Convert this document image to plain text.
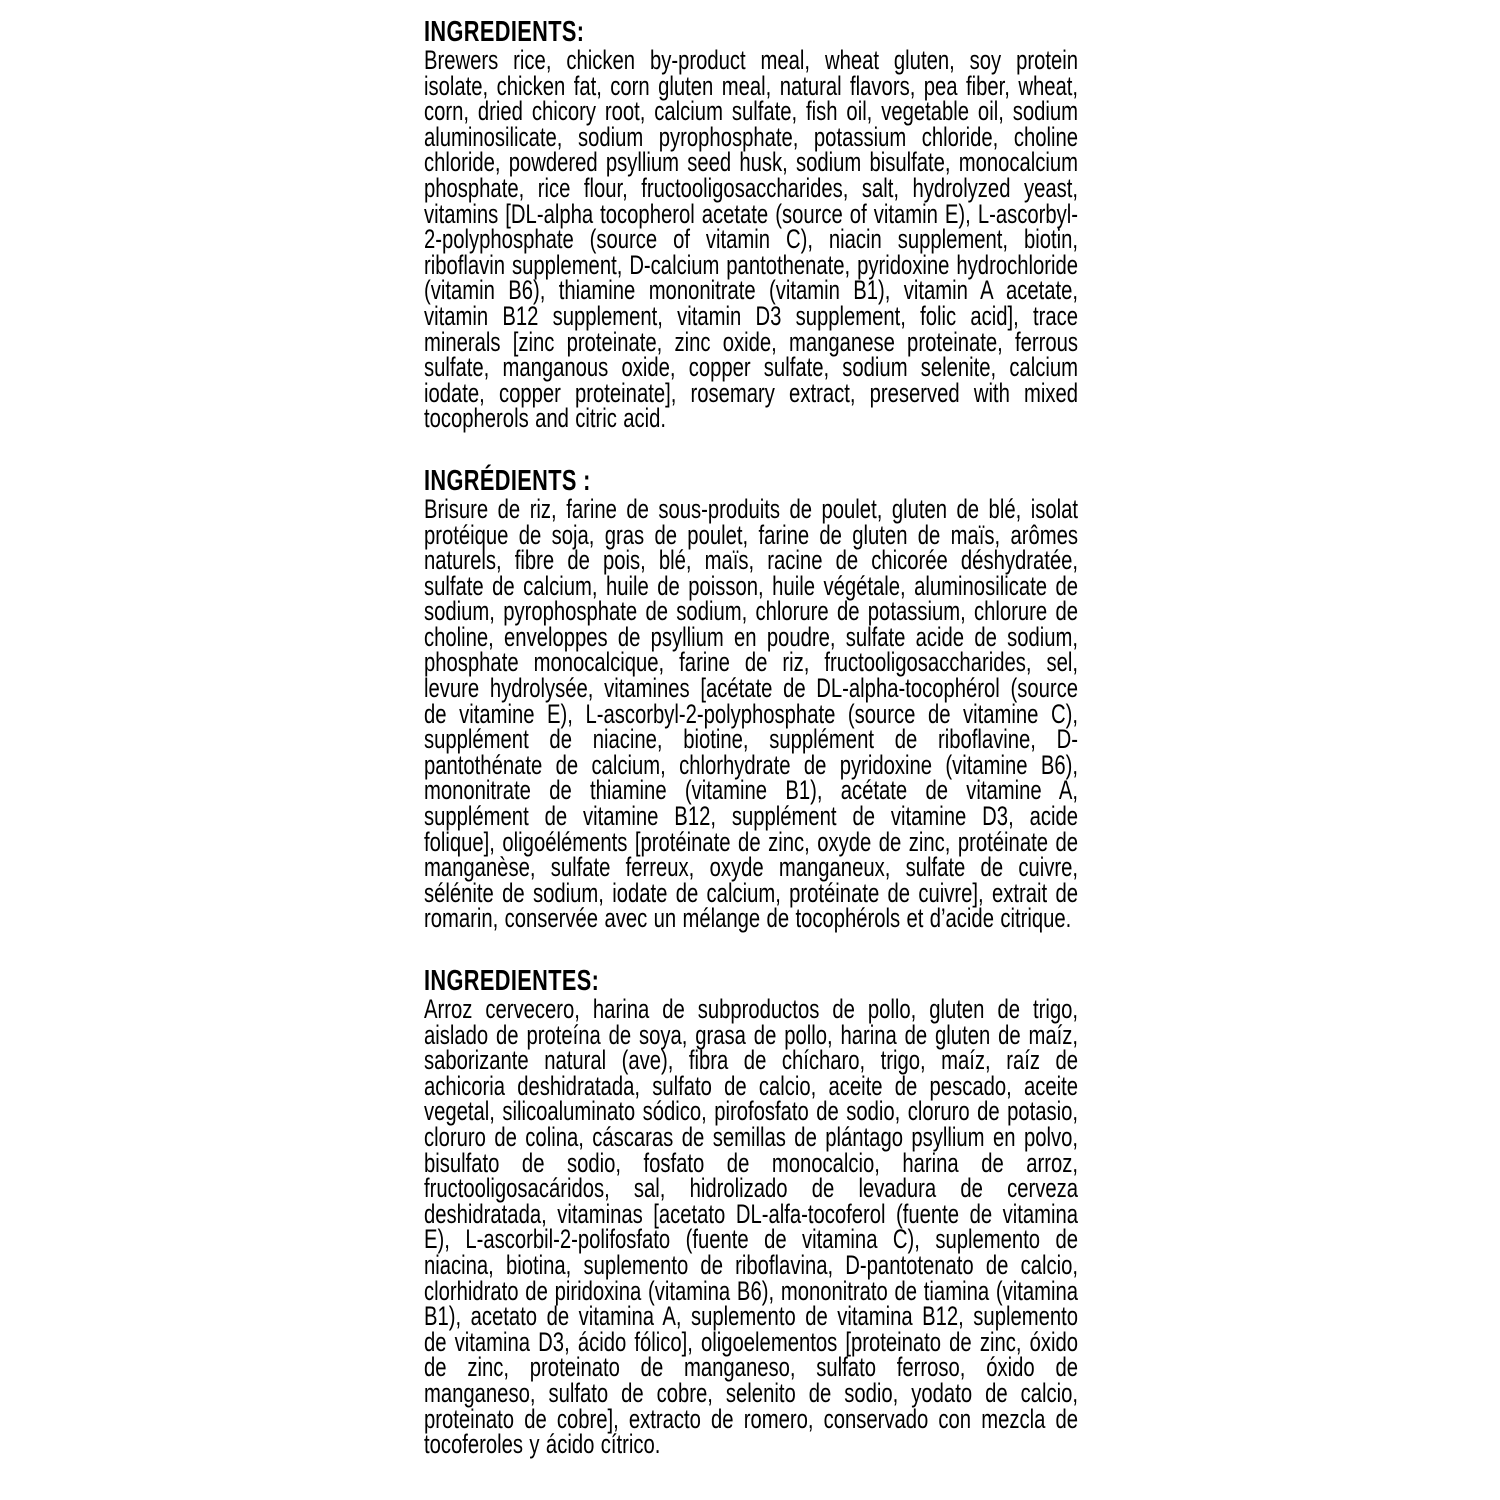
INGREDIENTS:
Brewers rice, chicken by-product meal, wheat gluten, soy protein isolate, chicken fat, corn gluten meal, natural flavors, pea fiber, wheat, corn, dried chicory root, calcium sulfate, fish oil, vegetable oil, sodium aluminosilicate, sodium pyrophosphate, potassium chloride, choline chloride, powdered psyllium seed husk, sodium bisulfate, monocalcium phosphate, rice flour, fructooligosaccharides, salt, hydrolyzed yeast, vitamins [DL-alpha tocopherol acetate (source of vitamin E), L-ascorbyl-2-polyphosphate (source of vitamin C), niacin supplement, biotin, riboflavin supplement, D-calcium pantothenate, pyridoxine hydrochloride (vitamin B6), thiamine mononitrate (vitamin B1), vitamin A acetate, vitamin B12 supplement, vitamin D3 supplement, folic acid], trace minerals [zinc proteinate, zinc oxide, manganese proteinate, ferrous sulfate, manganous oxide, copper sulfate, sodium selenite, calcium iodate, copper proteinate], rosemary extract, preserved with mixed tocopherols and citric acid.
INGRÉDIENTS :
Brisure de riz, farine de sous-produits de poulet, gluten de blé, isolat protéique de soja, gras de poulet, farine de gluten de maïs, arômes naturels, fibre de pois, blé, maïs, racine de chicorée déshydratée, sulfate de calcium, huile de poisson, huile végétale, aluminosilicate de sodium, pyrophosphate de sodium, chlorure de potassium, chlorure de choline, enveloppes de psyllium en poudre, sulfate acide de sodium, phosphate monocalcique, farine de riz, fructooligosaccharides, sel, levure hydrolysée, vitamines [acétate de DL-alpha-tocophérol (source de vitamine E), L-ascorbyl-2-polyphosphate (source de vitamine C), supplément de niacine, biotine, supplément de riboflavine, D-pantothénate de calcium, chlorhydrate de pyridoxine (vitamine B6), mononitrate de thiamine (vitamine B1), acétate de vitamine A, supplément de vitamine B12, supplément de vitamine D3, acide folique], oligoéléments [protéinate de zinc, oxyde de zinc, protéinate de manganèse, sulfate ferreux, oxyde manganeux, sulfate de cuivre, sélénite de sodium, iodate de calcium, protéinate de cuivre], extrait de romarin, conservée avec un mélange de tocophérols et d’acide citrique.
INGREDIENTES:
Arroz cervecero, harina de subproductos de pollo, gluten de trigo, aislado de proteína de soya, grasa de pollo, harina de gluten de maíz, saborizante natural (ave), fibra de chícharo, trigo, maíz, raíz de achicoria deshidratada, sulfato de calcio, aceite de pescado, aceite vegetal, silicoaluminato sódico, pirofosfato de sodio, cloruro de potasio, cloruro de colina, cáscaras de semillas de plántago psyllium en polvo, bisulfato de sodio, fosfato de monocalcio, harina de arroz, fructooligosacáridos, sal, hidrolizado de levadura de cerveza deshidratada, vitaminas [acetato DL-alfa-tocoferol (fuente de vitamina E), L-ascorbil-2-polifosfato (fuente de vitamina C), suplemento de niacina, biotina, suplemento de riboflavina, D-pantotenato de calcio, clorhidrato de piridoxina (vitamina B6), mononitrato de tiamina (vitamina B1), acetato de vitamina A, suplemento de vitamina B12, suplemento de vitamina D3, ácido fólico], oligoelementos [proteinato de zinc, óxido de zinc, proteinato de manganeso, sulfato ferroso, óxido de manganeso, sulfato de cobre, selenito de sodio, yodato de calcio, proteinato de cobre], extracto de romero, conservado con mezcla de tocoferoles y ácido cítrico.
